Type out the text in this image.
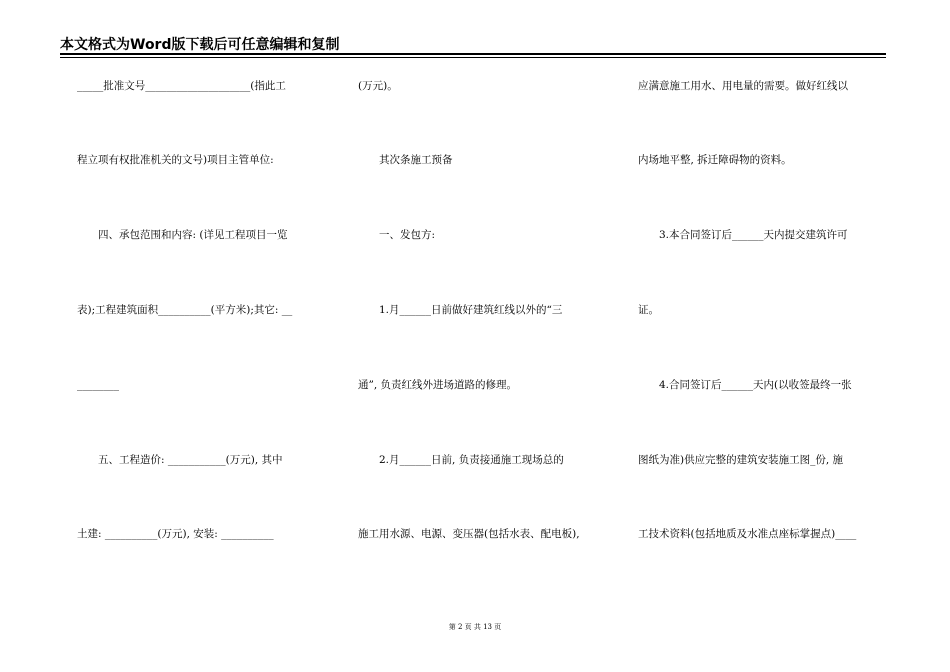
本文格式为Word版下载后可任意编辑和复制
_____批准文号____________________(指此工
程立项有权批准机关的文号)项目主管单位:
　　四、承包范围和内容: (详见工程项目一览
表);工程建筑面积__________(平方米);其它: __
________
　　五、工程造价: ___________(万元), 其中
土建: __________(万元), 安装: __________
(万元)。
　　其次条施工预备
　　一、发包方:
　　1.月______日前做好建筑红线以外的“三
通”, 负责红线外进场道路的修理。
　　2.月______日前, 负责接通施工现场总的
施工用水源、电源、变压器(包括水表、配电板),
应满意施工用水、用电量的需要。做好红线以
内场地平整, 拆迁障碍物的资料。
　　3.本合同签订后______天内提交建筑许可
证。
　　4.合同签订后______天内(以收签最终一张
图纸为准)供应完整的建筑安装施工图_份, 施
工技术资料(包括地质及水准点座标掌握点)____
第 2 页 共 13 页
